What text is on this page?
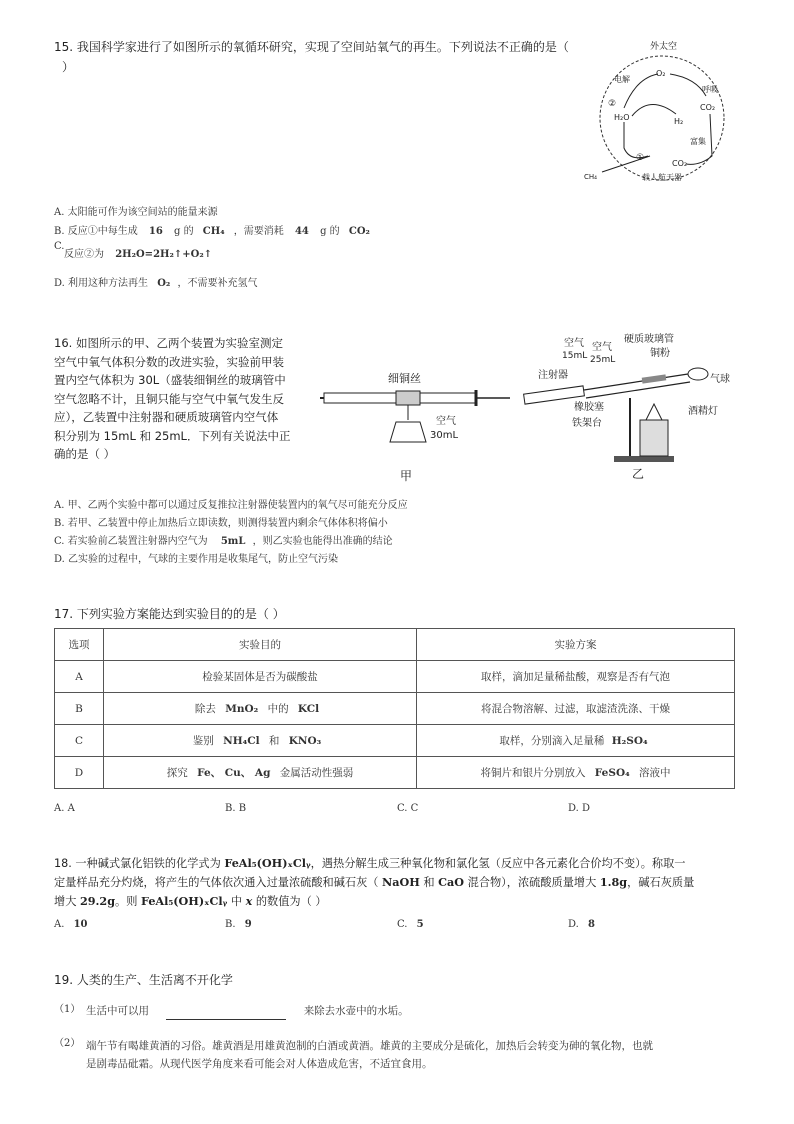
15. 我国科学家进行了如图所示的氧循环研究，实现了空间站氧气的再生。下列说法不正确的是（
）
外太空
O₂
电解
呼吸
②
H₂O	H₂
CO₂
富集
①
CO₂
CH₄	载人航天器
A. 太阳能可作为该空间站的能量来源
B. 反应①中每生成 16 g 的 CH₄ ，需要消耗 44 g 的 CO₂
C.
反应②为 2H₂O=2H₂↑+O₂↑
D. 利用这种方法再生 O₂ ，不需要补充氢气
16. 如图所示的甲、乙两个装置为实验室测定
空气中氧气体积分数的改进实验，实验前甲装
置内空气体积为 30L（盛装细铜丝的玻璃管中
空气忽略不计，且铜只能与空气中氧气发生反
应），乙装置中注射器和硬质玻璃管内空气体
积分别为 15mL 和 25mL．下列有关说法中正
确的是（ ）
细铜丝
空气
30mL
甲
空气
15mL
空气
25mL
硬质玻璃管
铜粉
注射器	气球
橡胶塞	酒精灯
铁架台
乙
A. 甲、乙两个实验中都可以通过反复推拉注射器使装置内的氧气尽可能充分反应
B. 若甲、乙装置中停止加热后立即读数，则测得装置内剩余气体体积将偏小
C. 若实验前乙装置注射器内空气为 5mL ，则乙实验也能得出准确的结论
D. 乙实验的过程中，气球的主要作用是收集尾气，防止空气污染
17. 下列实验方案能达到实验目的的是（ ）
选项	实验目的	实验方案
A	检验某固体是否为碳酸盐	取样，滴加足量稀盐酸，观察是否有气泡
B	除去 MnO₂ 中的 KCl	将混合物溶解、过滤，取滤渣洗涤、干燥
C	鉴别 NH₄Cl 和 KNO₃	取样，分别滴入足量稀 H₂SO₄
D	探究 Fe、 Cu、 Ag 金属活动性强弱	将铜片和银片分别放入 FeSO₄ 溶液中
A. A	B. B	C. C	D. D
18. 一种碱式氯化铝铁的化学式为 FeAl₅(OH)ₓClᵧ，遇热分解生成三种氧化物和氯化氢（反应中各元素化合价均不变）。称取一
定量样品充分灼烧，将产生的气体依次通入过量浓硫酸和碱石灰（ NaOH 和 CaO 混合物），浓硫酸质量增大 1.8g，碱石灰质量
增大 29.2g。则 FeAl₅(OH)ₓClᵧ 中 x 的数值为（ ）
A. 10	B. 9	C. 5	D. 8
19. 人类的生产、生活离不开化学
（1） 生活中可以用	来除去水壶中的水垢。
（2） 端午节有喝雄黄酒的习俗。雄黄酒是用雄黄泡制的白酒或黄酒。雄黄的主要成分是硫化，加热后会转变为砷的氧化物，也就
是剧毒品砒霜。从现代医学角度来看可能会对人体造成危害，不适宜食用。
